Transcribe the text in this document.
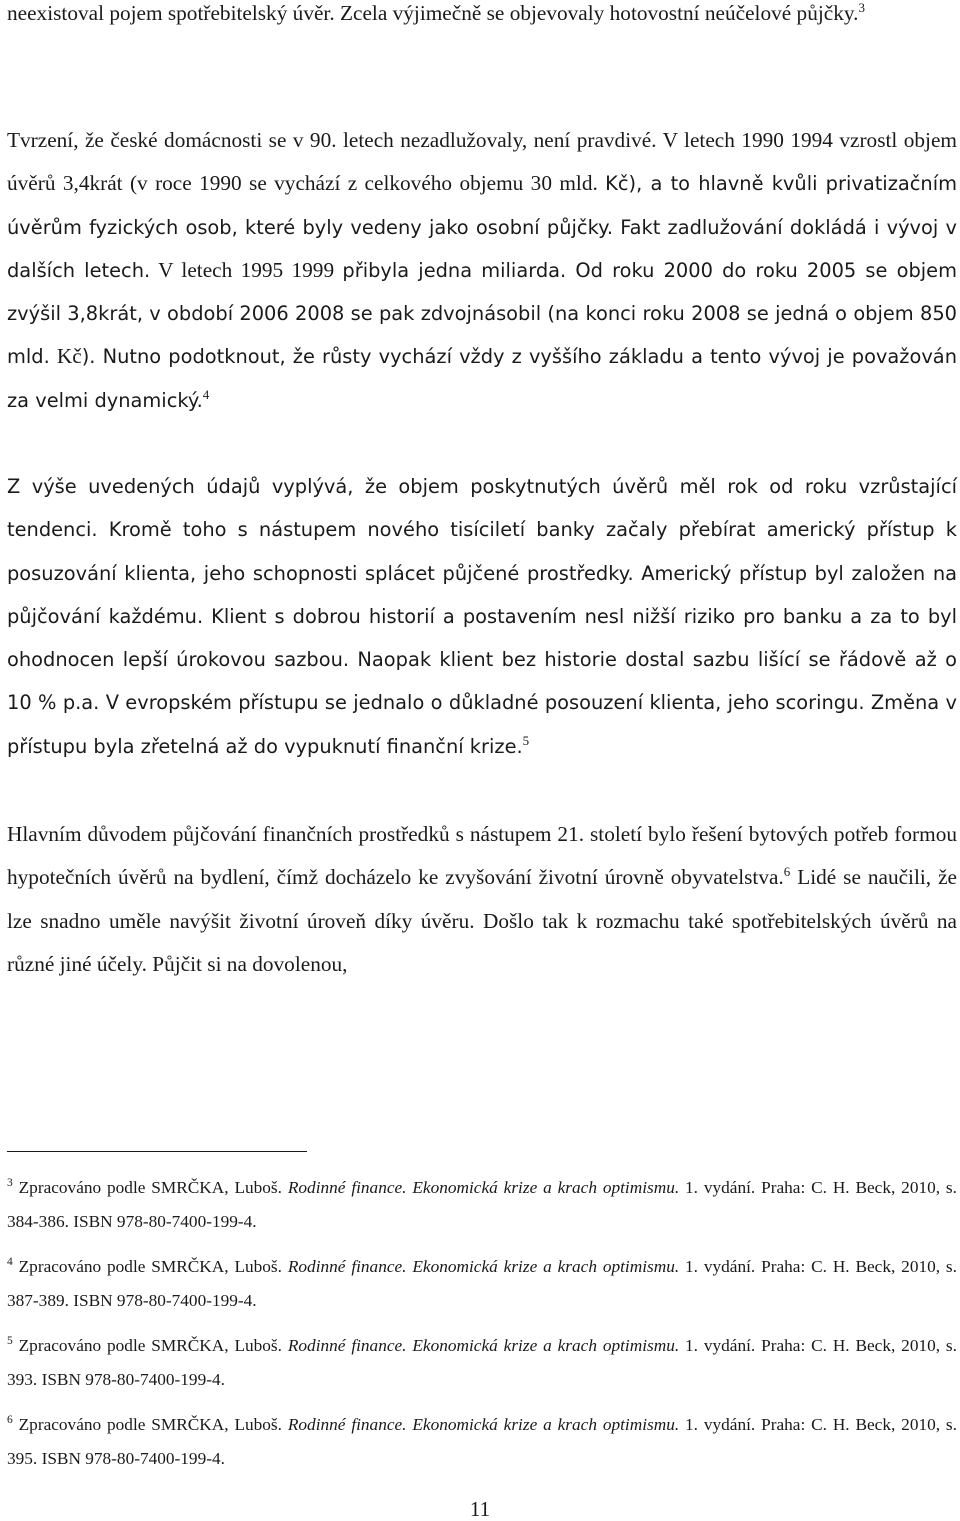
neexistoval pojem spotřebitelský úvěr. Zcela výjimečně se objevovaly hotovostní neúčelové půjčky.$^3$

Tvrzení, že české domácnosti se v 90. letech nezadlužovaly, není pravdivé. V letech 1990 1994 vzrostl objem úvěrů 3,4krát (v roce 1990 se vychází z celkového objemu 30 mld. Kč), a to hlavně kvůli privatizačním úvěrům fyzických osob, které byly vedeny jako osobní půjčky. Fakt zadlužování dokládá i vývoj v dalších letech. V letech 1995 1999 přibyla jedna miliarda. Od roku 2000 do roku 2005 se objem zvýšil 3,8krát, v období 2006 2008 se pak zdvojnásobil (na konci roku 2008 se jedná o objem 850 mld. Kč). Nutno podotknout, že růsty vychází vždy z vyššího základu a tento vývoj je považován za velmi dynamický.$^4$

Z výše uvedených údajů vyplývá, že objem poskytnutých úvěrů měl rok od roku vzrůstající tendenci. Kromě toho s nástupem nového tisíciletí banky začaly přebírat americký přístup k posuzování klienta, jeho schopnosti splácet půjčené prostředky. Americký přístup byl založen na půjčování každému. Klient s dobrou historií a postavením nesl nižší riziko pro banku a za to byl ohodnocen lepší úrokovou sazbou. Naopak klient bez historie dostal sazbu lišící se řádově až o 10 % p.a. V evropském přístupu se jednalo o důkladné posouzení klienta, jeho scoringu. Změna v přístupu byla zřetelná až do vypuknutí finanční krize.$^5$

Hlavním důvodem půjčování finančních prostředků s nástupem 21. století bylo řešení bytových potřeb formou hypotečních úvěrů na bydlení, čímž docházelo ke zvyšování životní úrovně obyvatelstva.$^6$ Lidé se naučili, že lze snadno uměle navýšit životní úroveň díky úvěru. Došlo tak k rozmachu také spotřebitelských úvěrů na různé jiné účely. Půjčit si na dovolenou,

$^3$ Zpracováno podle SMRČKA, Luboš. Rodinné finance. Ekonomická krize a krach optimismu. 1. vydání. Praha: C. H. Beck, 2010, s. 384-386. ISBN 978-80-7400-199-4.

$^4$ Zpracováno podle SMRČKA, Luboš. Rodinné finance. Ekonomická krize a krach optimismu. 1. vydání. Praha: C. H. Beck, 2010, s. 387-389. ISBN 978-80-7400-199-4.

$^5$ Zpracováno podle SMRČKA, Luboš. Rodinné finance. Ekonomická krize a krach optimismu. 1. vydání. Praha: C. H. Beck, 2010, s. 393. ISBN 978-80-7400-199-4.

$^6$ Zpracováno podle SMRČKA, Luboš. Rodinné finance. Ekonomická krize a krach optimismu. 1. vydání. Praha: C. H. Beck, 2010, s. 395. ISBN 978-80-7400-199-4.

11
